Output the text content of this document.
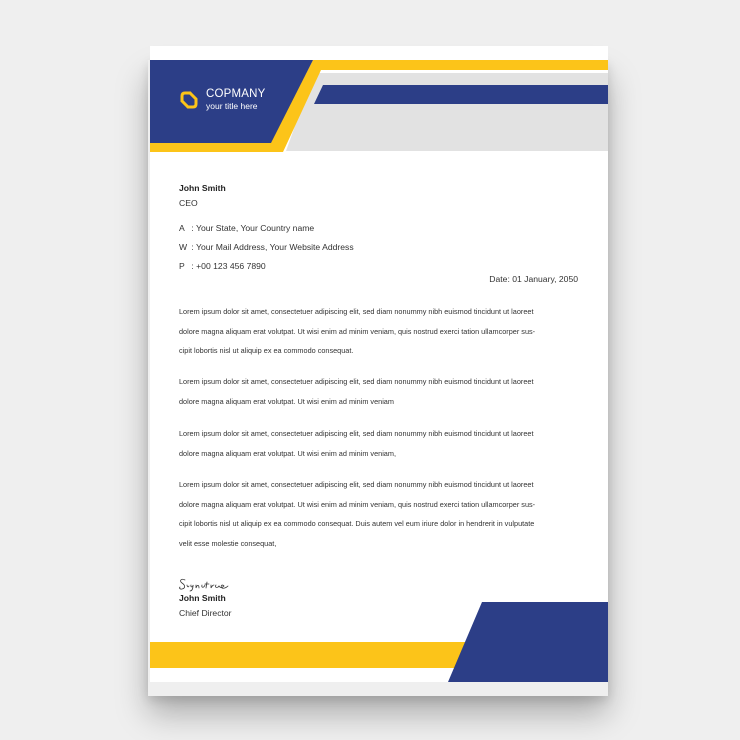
COPMANY
your title here
John Smith
CEO
A : Your State, Your Country name
W : Your Mail Address, Your Website Address
P : +00 123 456 7890
Date: 01 January, 2050
Lorem ipsum dolor sit amet, consectetuer adipiscing elit, sed diam nonummy nibh euismod tincidunt ut laoreet
dolore magna aliquam erat volutpat. Ut wisi enim ad minim veniam, quis nostrud exerci tation ullamcorper sus-
cipit lobortis nisl ut aliquip ex ea commodo consequat.
Lorem ipsum dolor sit amet, consectetuer adipiscing elit, sed diam nonummy nibh euismod tincidunt ut laoreet
dolore magna aliquam erat volutpat. Ut wisi enim ad minim veniam
Lorem ipsum dolor sit amet, consectetuer adipiscing elit, sed diam nonummy nibh euismod tincidunt ut laoreet
dolore magna aliquam erat volutpat. Ut wisi enim ad minim veniam,
Lorem ipsum dolor sit amet, consectetuer adipiscing elit, sed diam nonummy nibh euismod tincidunt ut laoreet
dolore magna aliquam erat volutpat. Ut wisi enim ad minim veniam, quis nostrud exerci tation ullamcorper sus-
cipit lobortis nisl ut aliquip ex ea commodo consequat. Duis autem vel eum iriure dolor in hendrerit in vulputate
velit esse molestie consequat,
John Smith
Chief Director
